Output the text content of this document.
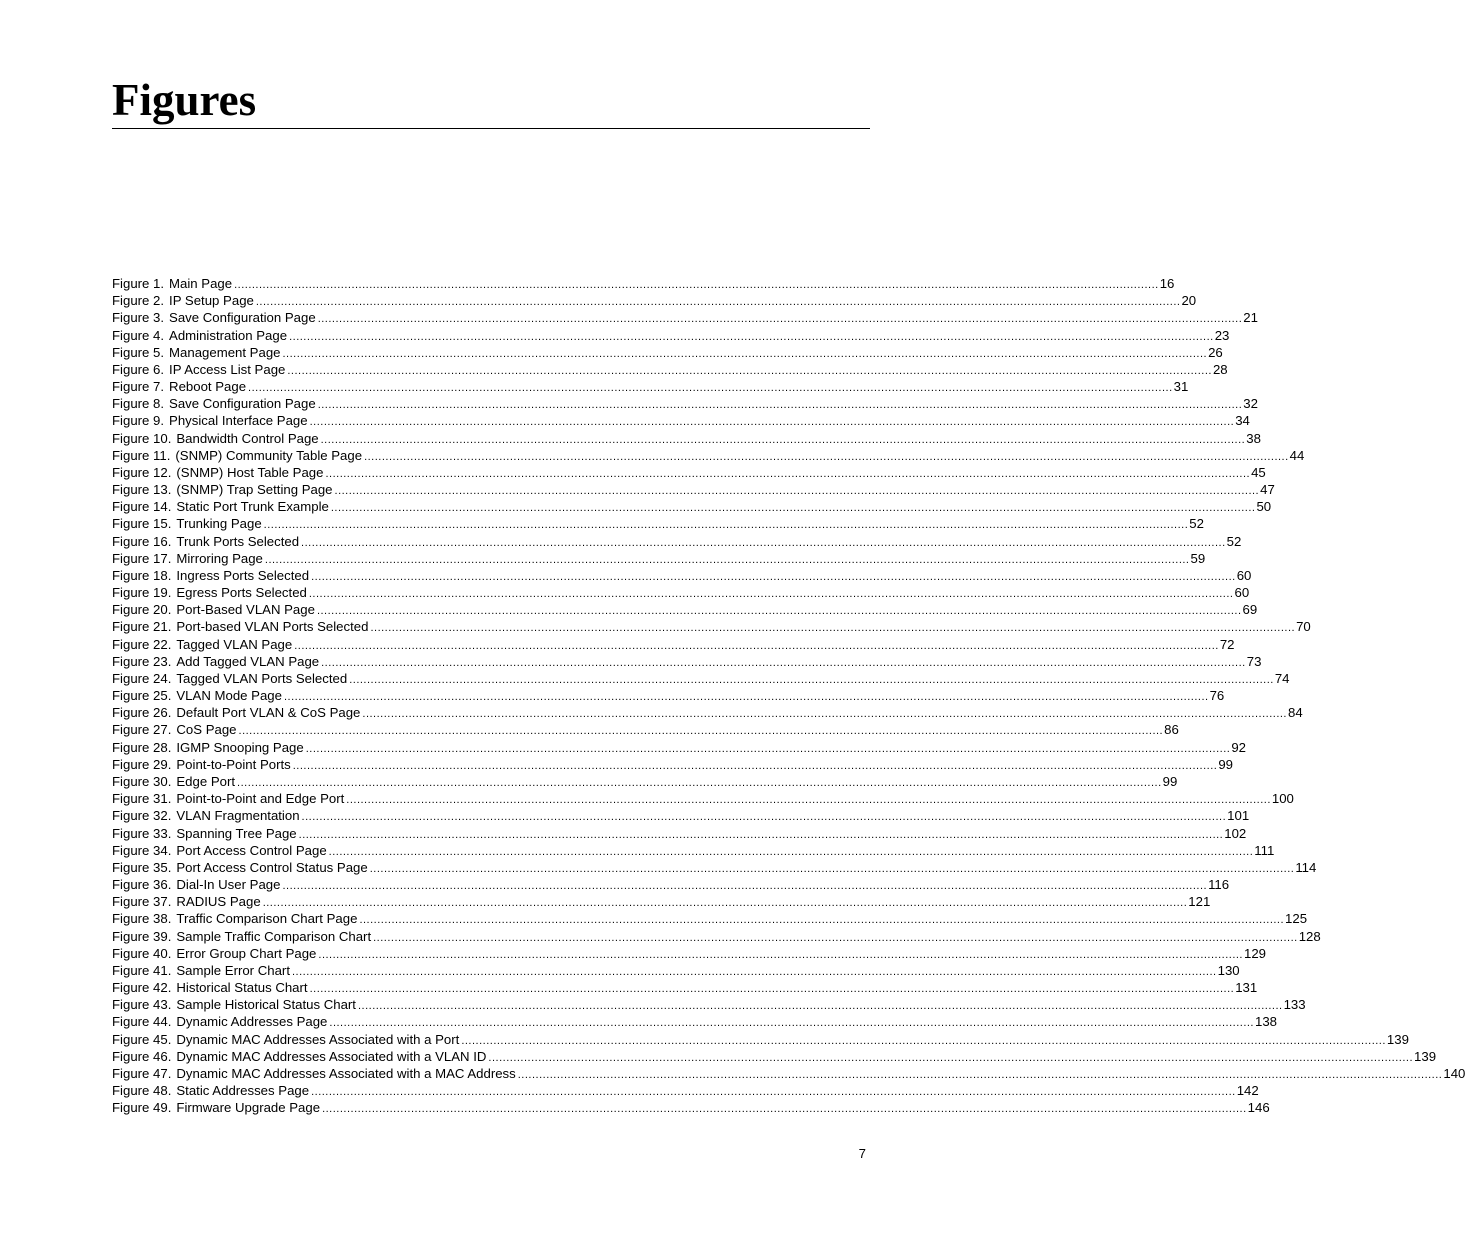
Figures
Figure 1. Main Page .................................................................................................................................................................................................................................................................... 16
Figure 2. IP Setup Page .................................................................................................................................................................................................................................................................... 20
Figure 3. Save Configuration Page .................................................................................................................................................................................................................................................................... 21
Figure 4. Administration Page .................................................................................................................................................................................................................................................................... 23
Figure 5. Management Page .................................................................................................................................................................................................................................................................... 26
Figure 6. IP Access List Page .................................................................................................................................................................................................................................................................... 28
Figure 7. Reboot Page .................................................................................................................................................................................................................................................................... 31
Figure 8. Save Configuration Page .................................................................................................................................................................................................................................................................... 32
Figure 9. Physical Interface Page .................................................................................................................................................................................................................................................................... 34
Figure 10. Bandwidth Control Page .................................................................................................................................................................................................................................................................... 38
Figure 11. (SNMP) Community Table Page .................................................................................................................................................................................................................................................................... 44
Figure 12. (SNMP) Host Table Page .................................................................................................................................................................................................................................................................... 45
Figure 13. (SNMP) Trap Setting Page .................................................................................................................................................................................................................................................................... 47
Figure 14. Static Port Trunk Example .................................................................................................................................................................................................................................................................... 50
Figure 15. Trunking Page .................................................................................................................................................................................................................................................................... 52
Figure 16. Trunk Ports Selected .................................................................................................................................................................................................................................................................... 52
Figure 17. Mirroring Page .................................................................................................................................................................................................................................................................... 59
Figure 18. Ingress Ports Selected .................................................................................................................................................................................................................................................................... 60
Figure 19. Egress Ports Selected .................................................................................................................................................................................................................................................................... 60
Figure 20. Port-Based VLAN Page .................................................................................................................................................................................................................................................................... 69
Figure 21. Port-based VLAN Ports Selected .................................................................................................................................................................................................................................................................... 70
Figure 22. Tagged VLAN Page .................................................................................................................................................................................................................................................................... 72
Figure 23. Add Tagged VLAN Page .................................................................................................................................................................................................................................................................... 73
Figure 24. Tagged VLAN Ports Selected .................................................................................................................................................................................................................................................................... 74
Figure 25. VLAN Mode Page .................................................................................................................................................................................................................................................................... 76
Figure 26. Default Port VLAN & CoS Page .................................................................................................................................................................................................................................................................... 84
Figure 27. CoS Page .................................................................................................................................................................................................................................................................... 86
Figure 28. IGMP Snooping Page .................................................................................................................................................................................................................................................................... 92
Figure 29. Point-to-Point Ports .................................................................................................................................................................................................................................................................... 99
Figure 30. Edge Port .................................................................................................................................................................................................................................................................... 99
Figure 31. Point-to-Point and Edge Port .................................................................................................................................................................................................................................................................... 100
Figure 32. VLAN Fragmentation .................................................................................................................................................................................................................................................................... 101
Figure 33. Spanning Tree Page .................................................................................................................................................................................................................................................................... 102
Figure 34. Port Access Control Page .................................................................................................................................................................................................................................................................... 111
Figure 35. Port Access Control Status Page .................................................................................................................................................................................................................................................................... 114
Figure 36. Dial-In User Page .................................................................................................................................................................................................................................................................... 116
Figure 37. RADIUS Page .................................................................................................................................................................................................................................................................... 121
Figure 38. Traffic Comparison Chart Page .................................................................................................................................................................................................................................................................... 125
Figure 39. Sample Traffic Comparison Chart .................................................................................................................................................................................................................................................................... 128
Figure 40. Error Group Chart Page .................................................................................................................................................................................................................................................................... 129
Figure 41. Sample Error Chart .................................................................................................................................................................................................................................................................... 130
Figure 42. Historical Status Chart .................................................................................................................................................................................................................................................................... 131
Figure 43. Sample Historical Status Chart .................................................................................................................................................................................................................................................................... 133
Figure 44. Dynamic Addresses Page .................................................................................................................................................................................................................................................................... 138
Figure 45. Dynamic MAC Addresses Associated with a Port .................................................................................................................................................................................................................................................................... 139
Figure 46. Dynamic MAC Addresses Associated with a VLAN ID .................................................................................................................................................................................................................................................................... 139
Figure 47. Dynamic MAC Addresses Associated with a MAC Address .................................................................................................................................................................................................................................................................... 140
Figure 48. Static Addresses Page .................................................................................................................................................................................................................................................................... 142
Figure 49. Firmware Upgrade Page .................................................................................................................................................................................................................................................................... 146
7
